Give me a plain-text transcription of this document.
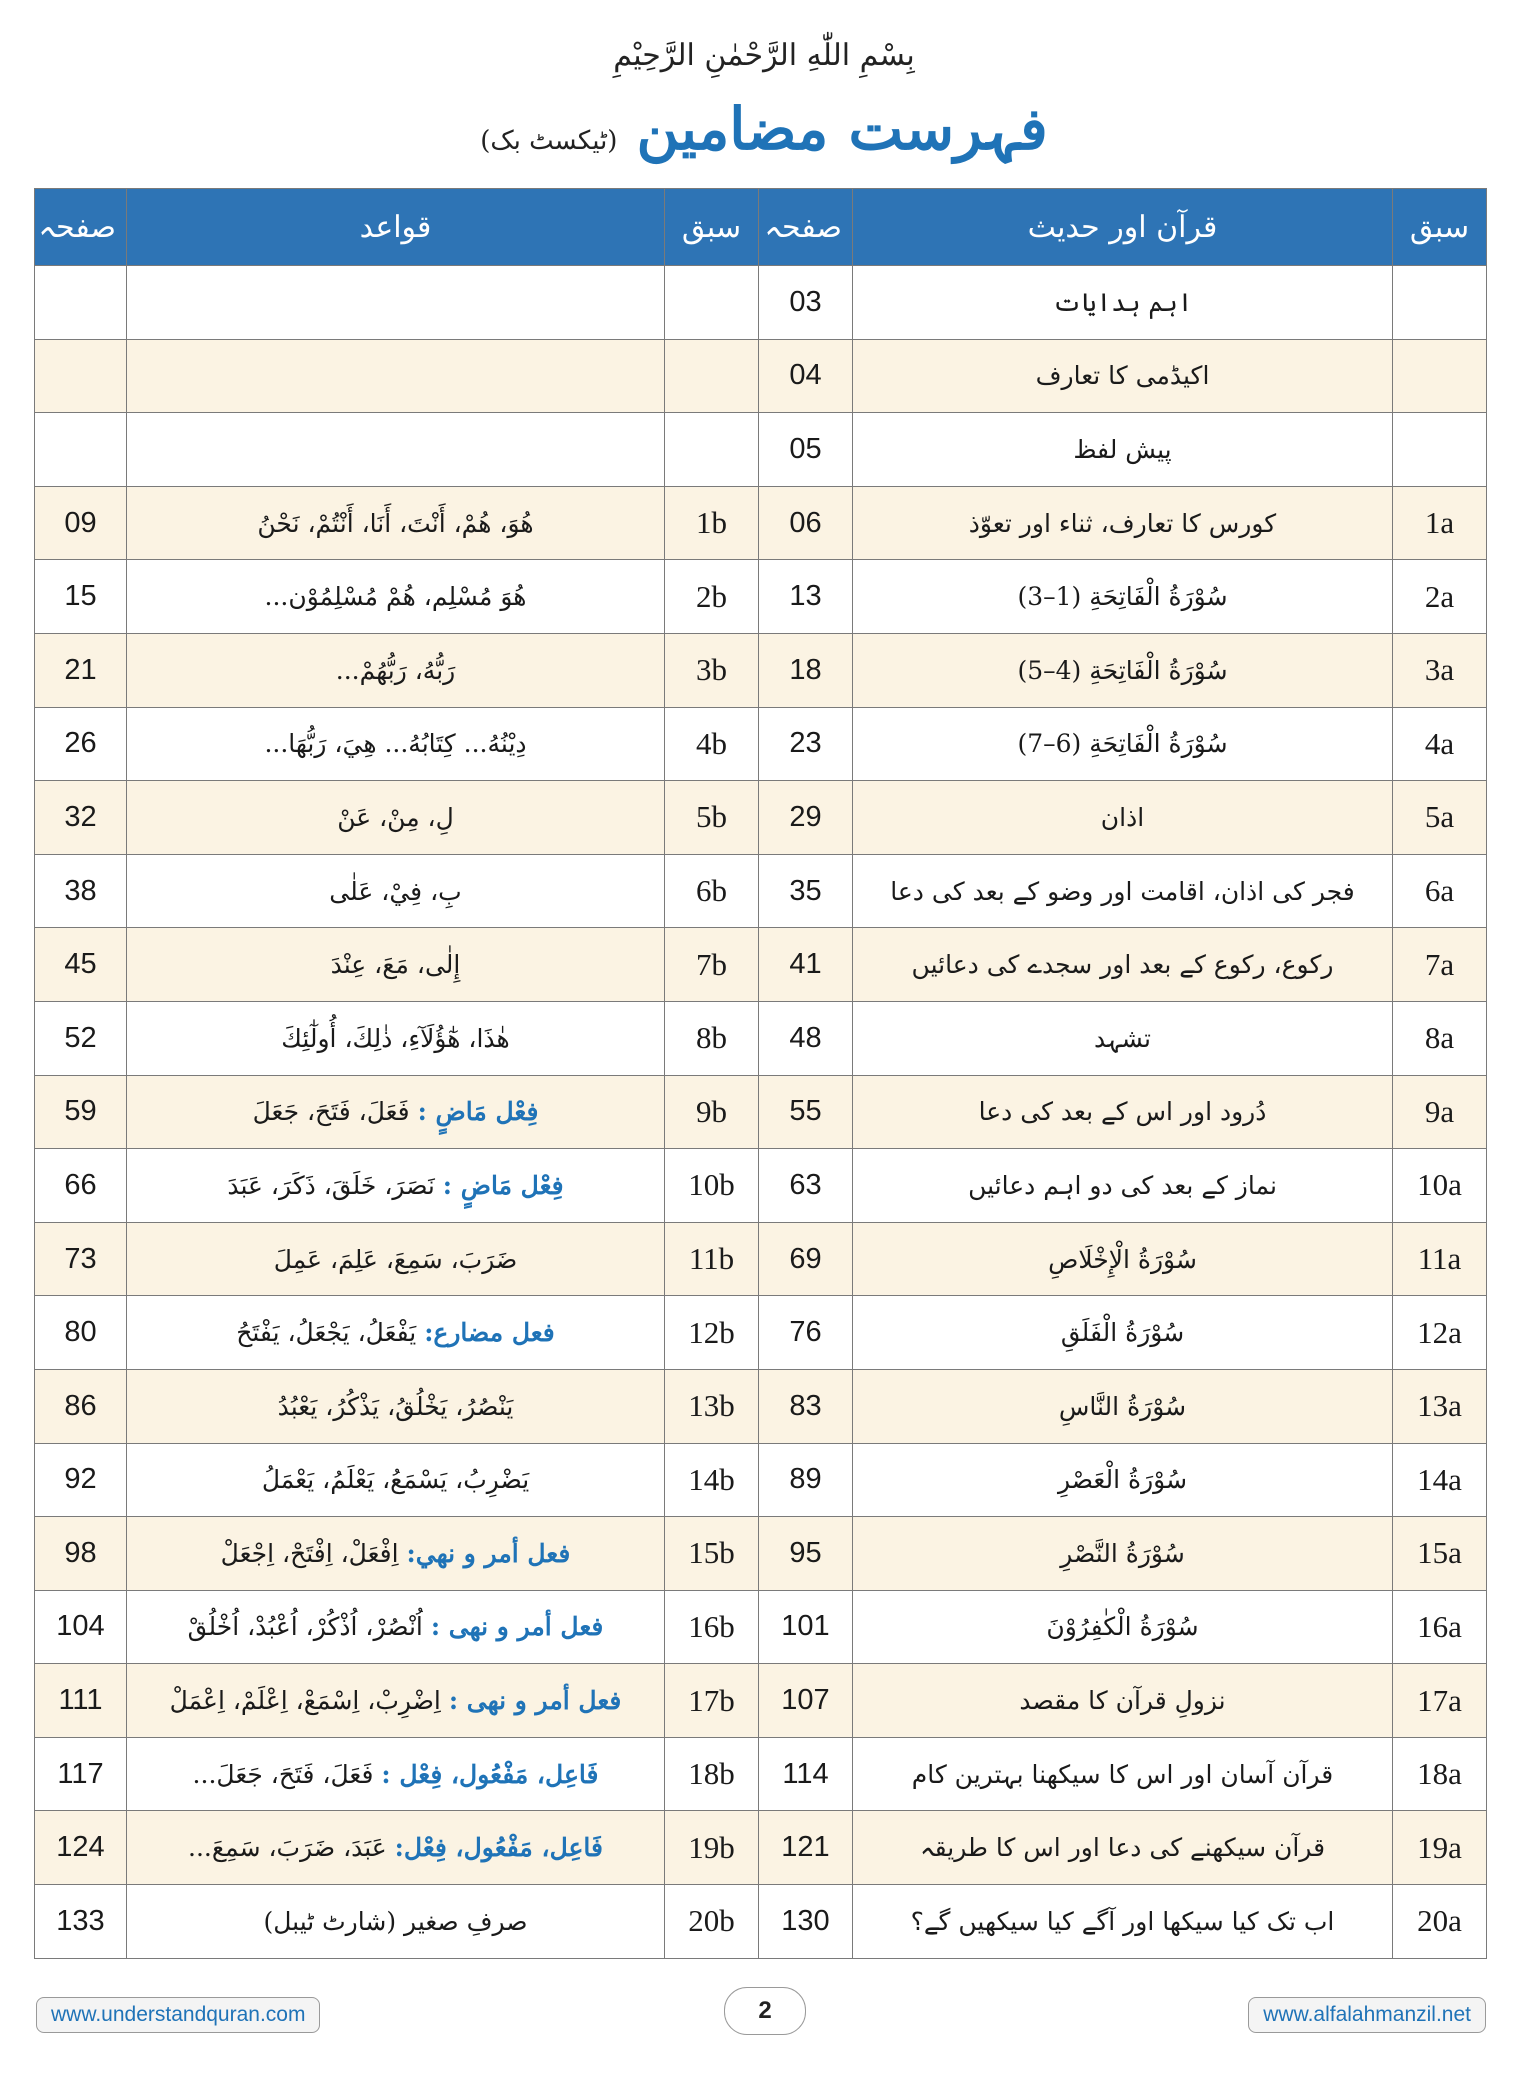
بِسْمِ اللّٰهِ الرَّحْمٰنِ الرَّحِيْمِ
فہرست مضامین (ٹیکسٹ بک)
سبق	قرآن اور حدیث	صفحہ	سبق	قواعد	صفحہ
	اہم ہدایات	03			
	اکیڈمی کا تعارف	04			
	پیش لفظ	05			
1a	کورس کا تعارف، ثناء اور تعوّذ	06	1b	هُوَ، هُمْ، أَنْتَ، أَنَا، أَنْتُمْ، نَحْنُ	09
2a	سُوْرَةُ الْفَاتِحَةِ (1–3)	13	2b	هُوَ مُسْلِم، هُمْ مُسْلِمُوْن...	15
3a	سُوْرَةُ الْفَاتِحَةِ (4–5)	18	3b	رَبُّهُ، رَبُّهُمْ...	21
4a	سُوْرَةُ الْفَاتِحَةِ (6–7)	23	4b	دِيْنُهُ... كِتَابُهُ... هِيَ، رَبُّهَا...	26
5a	اذان	29	5b	لِ، مِنْ، عَنْ	32
6a	فجر کی اذان، اقامت اور وضو کے بعد کی دعا	35	6b	بِ، فِيْ، عَلٰى	38
7a	رکوع، رکوع کے بعد اور سجدے کی دعائیں	41	7b	إِلٰى، مَعَ، عِنْدَ	45
8a	تشہد	48	8b	هٰذَا، هٰٓؤُلَآءِ، ذٰلِكَ، أُولٰٓئِكَ	52
9a	دُرود اور اس کے بعد کی دعا	55	9b	فِعْل مَاضٍ : فَعَلَ، فَتَحَ، جَعَلَ	59
10a	نماز کے بعد کی دو اہم دعائیں	63	10b	فِعْل مَاضٍ : نَصَرَ، خَلَقَ، ذَكَرَ، عَبَدَ	66
11a	سُوْرَةُ الْإِخْلَاصِ	69	11b	ضَرَبَ، سَمِعَ، عَلِمَ، عَمِلَ	73
12a	سُوْرَةُ الْفَلَقِ	76	12b	فعل مضارع: يَفْعَلُ، يَجْعَلُ، يَفْتَحُ	80
13a	سُوْرَةُ النَّاسِ	83	13b	يَنْصُرُ، يَخْلُقُ، يَذْكُرُ، يَعْبُدُ	86
14a	سُوْرَةُ الْعَصْرِ	89	14b	يَضْرِبُ، يَسْمَعُ، يَعْلَمُ، يَعْمَلُ	92
15a	سُوْرَةُ النَّصْرِ	95	15b	فعل أمر و نهي: اِفْعَلْ، اِفْتَحْ، اِجْعَلْ	98
16a	سُوْرَةُ الْكٰفِرُوْنَ	101	16b	فعل أمر و نهى : اُنْصُرْ، اُذْكُرْ، اُعْبُدْ، اُخْلُقْ	104
17a	نزولِ قرآن کا مقصد	107	17b	فعل أمر و نهى : اِضْرِبْ، اِسْمَعْ، اِعْلَمْ، اِعْمَلْ	111
18a	قرآن آسان اور اس کا سیکھنا بہترین کام	114	18b	فَاعِل، مَفْعُول، فِعْل : فَعَلَ، فَتَحَ، جَعَلَ...	117
19a	قرآن سیکھنے کی دعا اور اس کا طریقہ	121	19b	فَاعِل، مَفْعُول، فِعْل: عَبَدَ، ضَرَبَ، سَمِعَ...	124
20a	اب تک کیا سیکھا اور آگے کیا سیکھیں گے؟	130	20b	صرفِ صغیر (شارٹ ٹیبل)	133
www.understandquran.com	2	www.alfalahmanzil.net
